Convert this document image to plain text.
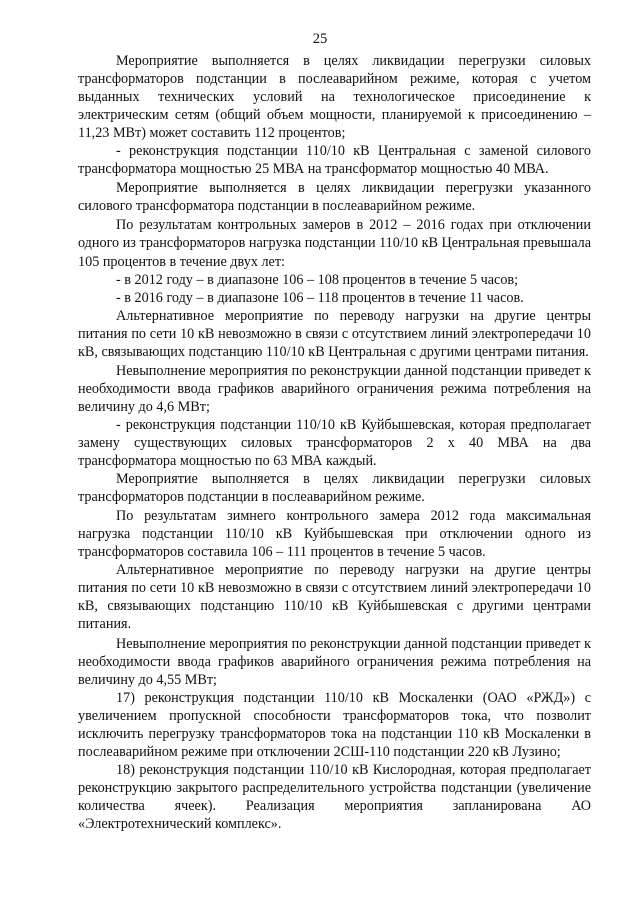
25

Мероприятие выполняется в целях ликвидации перегрузки силовых трансформаторов подстанции в послеаварийном режиме, которая с учетом выданных технических условий на технологическое присоединение к электрическим сетям (общий объем мощности, планируемой к присоединению – 11,23 МВт) может составить 112 процентов;

- реконструкция подстанции 110/10 кВ Центральная с заменой силового трансформатора мощностью 25 МВА на трансформатор мощностью 40 МВА.

Мероприятие выполняется в целях ликвидации перегрузки указанного силового трансформатора подстанции в послеаварийном режиме.

По результатам контрольных замеров в 2012 – 2016 годах при отключении одного из трансформаторов нагрузка подстанции 110/10 кВ Центральная превышала 105 процентов в течение двух лет:

- в 2012 году – в диапазоне 106 – 108 процентов в течение 5 часов;

- в 2016 году – в диапазоне 106 – 118 процентов в течение 11 часов.

Альтернативное мероприятие по переводу нагрузки на другие центры питания по сети 10 кВ невозможно в связи с отсутствием линий электропередачи 10 кВ, связывающих подстанцию 110/10 кВ Центральная с другими центрами питания.

Невыполнение мероприятия по реконструкции данной подстанции приведет к необходимости ввода графиков аварийного ограничения режима потребления на величину до 4,6 МВт;

- реконструкция подстанции 110/10 кВ Куйбышевская, которая предполагает замену существующих силовых трансформаторов 2 х 40 МВА на два трансформатора мощностью по 63 МВА каждый.

Мероприятие выполняется в целях ликвидации перегрузки силовых трансформаторов подстанции в послеаварийном режиме.

По результатам зимнего контрольного замера 2012 года максимальная нагрузка подстанции 110/10 кВ Куйбышевская при отключении одного из трансформаторов составила 106 – 111 процентов в течение 5 часов.

Альтернативное мероприятие по переводу нагрузки на другие центры питания по сети 10 кВ невозможно в связи с отсутствием линий электропередачи 10 кВ, связывающих подстанцию 110/10 кВ Куйбышевская с другими центрами питания.

Невыполнение мероприятия по реконструкции данной подстанции приведет к необходимости ввода графиков аварийного ограничения режима потребления на величину до 4,55 МВт;

17) реконструкция подстанции 110/10 кВ Москаленки (ОАО «РЖД») с увеличением пропускной способности трансформаторов тока, что позволит исключить перегрузку трансформаторов тока на подстанции 110 кВ Москаленки в послеаварийном режиме при отключении 2СШ-110 подстанции 220 кВ Лузино;

18) реконструкция подстанции 110/10 кВ Кислородная, которая предполагает реконструкцию закрытого распределительного устройства подстанции (увеличение количества ячеек). Реализация мероприятия запланирована АО «Электротехнический комплекс».
